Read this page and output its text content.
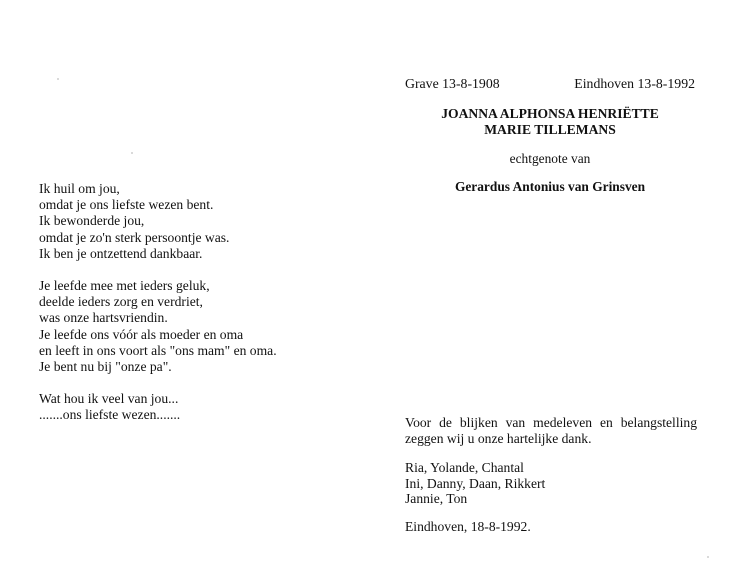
Ik huil om jou,
omdat je ons liefste wezen bent.
Ik bewonderde jou,
omdat je zo'n sterk persoontje was.
Ik ben je ontzettend dankbaar.
Je leefde mee met ieders geluk,
deelde ieders zorg en verdriet,
was onze hartsvriendin.
Je leefde ons vóór als moeder en oma
en leeft in ons voort als "ons mam" en oma.
Je bent nu bij "onze pa".
Wat hou ik veel van jou...
.......ons liefste wezen.......
Grave 13-8-1908	Eindhoven 13-8-1992
JOANNA ALPHONSA HENRIËTTE
MARIE TILLEMANS
echtgenote van
Gerardus Antonius van Grinsven
Voor de blijken van medeleven en belangstelling zeggen wij u onze hartelijke dank.
Ria, Yolande, Chantal
Ini, Danny, Daan, Rikkert
Jannie, Ton
Eindhoven, 18-8-1992.
